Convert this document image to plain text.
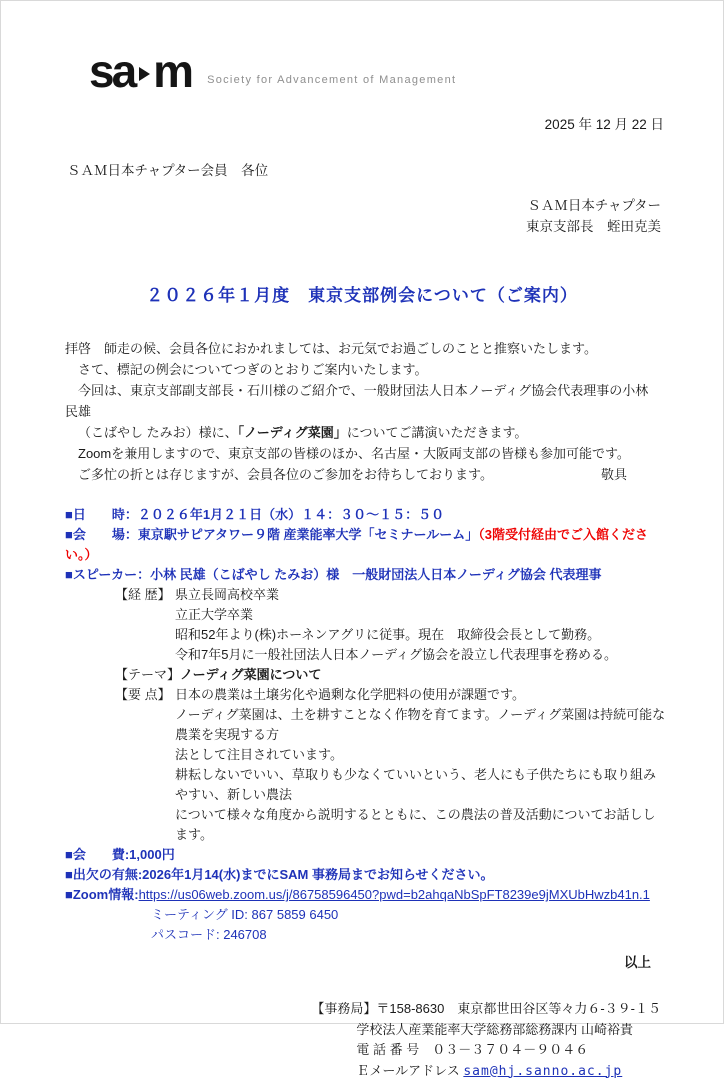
sa m Society for Advancement of Management
2025 年 12 月 22 日
ＳＡＭ日本チャプター会員　各位
ＳＡＭ日本チャプター
東京支部長　蛭田克美
２０２６年１月度　東京支部例会について（ご案内）
拝啓　師走の候、会員各位におかれましては、お元気でお過ごしのことと推察いたします。
さて、標記の例会についてつぎのとおりご案内いたします。
今回は、東京支部副支部長・石川様のご紹介で、一般財団法人日本ノーディグ協会代表理事の小林 民雄
（こばやし たみお）様に、「ノーディグ菜園」についてご講演いただきます。
Zoomを兼用しますので、東京支部の皆様のほか、名古屋・大阪両支部の皆様も参加可能です。
ご多忙の折とは存じますが、会員各位のご参加をお待ちしております。	敬具
■日　　時：２０２６年1月２１日（水）１４：３０～１５：５０
■会　　場：東京駅サピアタワー９階 産業能率大学「セミナールーム」（3階受付経由でご入館ください。）
■スピーカー：小林 民雄（こばやし たみお）様　一般財団法人日本ノーディグ協会 代表理事
【経 歴】 県立長岡高校卒業
立正大学卒業
昭和52年より(株)ホーネンアグリに従事。現在　取締役会長として勤務。
令和7年5月に一般社団法人日本ノーディグ協会を設立し代表理事を務める。
【テーマ】 ノーディグ菜園について
【要 点】 日本の農業は土壌劣化や過剰な化学肥料の使用が課題です。
ノーディグ菜園は、土を耕すことなく作物を育てます。ノーディグ菜園は持続可能な農業を実現する方
法として注目されています。
耕耘しないでいい、草取りも少なくていいという、老人にも子供たちにも取り組みやすい、新しい農法
について様々な角度から説明するとともに、この農法の普及活動についてお話しします。
■会　　費:1,000円
■出欠の有無:2026年1月14(水)までにSAM 事務局までお知らせください。
■Zoom情報:https://us06web.zoom.us/j/86758596450?pwd=b2ahqaNbSpFT8239e9jMXUbHwzb41n.1
ミーティング ID: 867 5859 6450
パスコード: 246708
以上
【事務局】〒158-8630　東京都世田谷区等々力６-３９-１５
学校法人産業能率大学総務部総務課内 山崎裕貴
電 話 番 号　０３－３７０４－９０４６
Ｅメールアドレス sam@hj.sanno.ac.jp
